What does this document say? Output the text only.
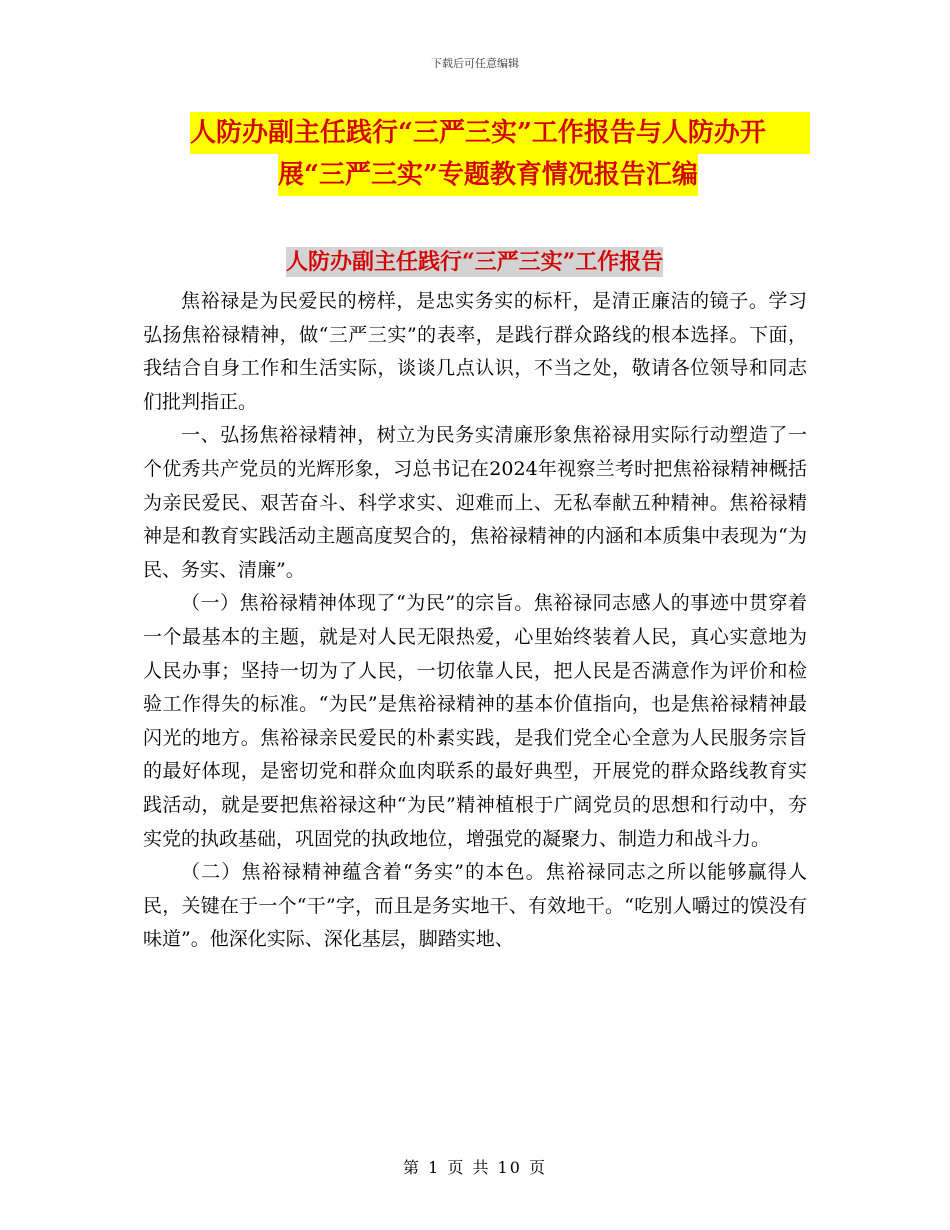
下载后可任意编辑
人防办副主任践行“三严三实”工作报告与人防办开
展“三严三实”专题教育情况报告汇编
人防办副主任践行“三严三实”工作报告

焦裕禄是为民爱民的榜样，是忠实务实的标杆，是清正廉洁的镜子。学习弘扬焦裕禄精神，做“三严三实”的表率，是践行群众路线的根本选择。下面，我结合自身工作和生活实际，谈谈几点认识，不当之处，敬请各位领导和同志们批判指正。

一、弘扬焦裕禄精神，树立为民务实清廉形象焦裕禄用实际行动塑造了一个优秀共产党员的光辉形象，习总书记在2024年视察兰考时把焦裕禄精神概括为亲民爱民、艰苦奋斗、科学求实、迎难而上、无私奉献五种精神。焦裕禄精神是和教育实践活动主题高度契合的，焦裕禄精神的内涵和本质集中表现为“为民、务实、清廉”。

（一）焦裕禄精神体现了“为民”的宗旨。焦裕禄同志感人的事迹中贯穿着一个最基本的主题，就是对人民无限热爱，心里始终装着人民，真心实意地为人民办事；坚持一切为了人民，一切依靠人民，把人民是否满意作为评价和检验工作得失的标准。“为民”是焦裕禄精神的基本价值指向，也是焦裕禄精神最闪光的地方。焦裕禄亲民爱民的朴素实践，是我们党全心全意为人民服务宗旨的最好体现，是密切党和群众血肉联系的最好典型，开展党的群众路线教育实践活动，就是要把焦裕禄这种“为民”精神植根于广阔党员的思想和行动中，夯实党的执政基础，巩固党的执政地位，增强党的凝聚力、制造力和战斗力。

（二）焦裕禄精神蕴含着“务实”的本色。焦裕禄同志之所以能够赢得人民，关键在于一个“干”字，而且是务实地干、有效地干。“吃别人嚼过的馍没有味道”。他深化实际、深化基层，脚踏实地、

第 1 页 共 10 页
